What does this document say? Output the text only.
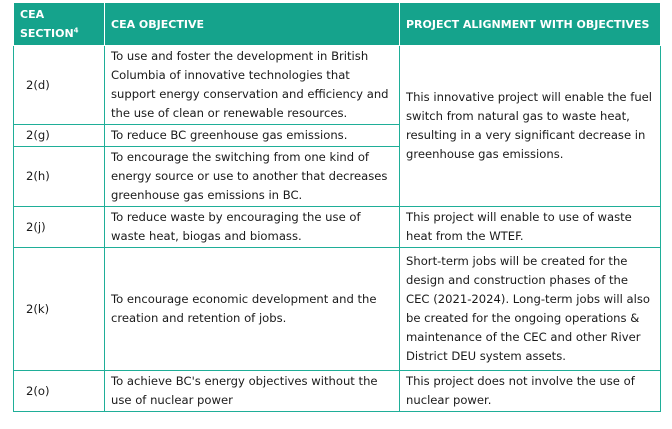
CEA SECTION$^4$	CEA OBJECTIVE	PROJECT ALIGNMENT WITH OBJECTIVES
2(d)	To use and foster the development in British Columbia of innovative technologies that support energy conservation and efficiency and the use of clean or renewable resources.	This innovative project will enable the fuel switch from natural gas to waste heat, resulting in a very significant decrease in greenhouse gas emissions.
2(g)	To reduce BC greenhouse gas emissions.	
2(h)	To encourage the switching from one kind of energy source or use to another that decreases greenhouse gas emissions in BC.	
2(j)	To reduce waste by encouraging the use of waste heat, biogas and biomass.	This project will enable to use of waste heat from the WTEF.
2(k)	To encourage economic development and the creation and retention of jobs.	Short-term jobs will be created for the design and construction phases of the CEC (2021-2024). Long-term jobs will also be created for the ongoing operations & maintenance of the CEC and other River District DEU system assets.
2(o)	To achieve BC's energy objectives without the use of nuclear power	This project does not involve the use of nuclear power.
